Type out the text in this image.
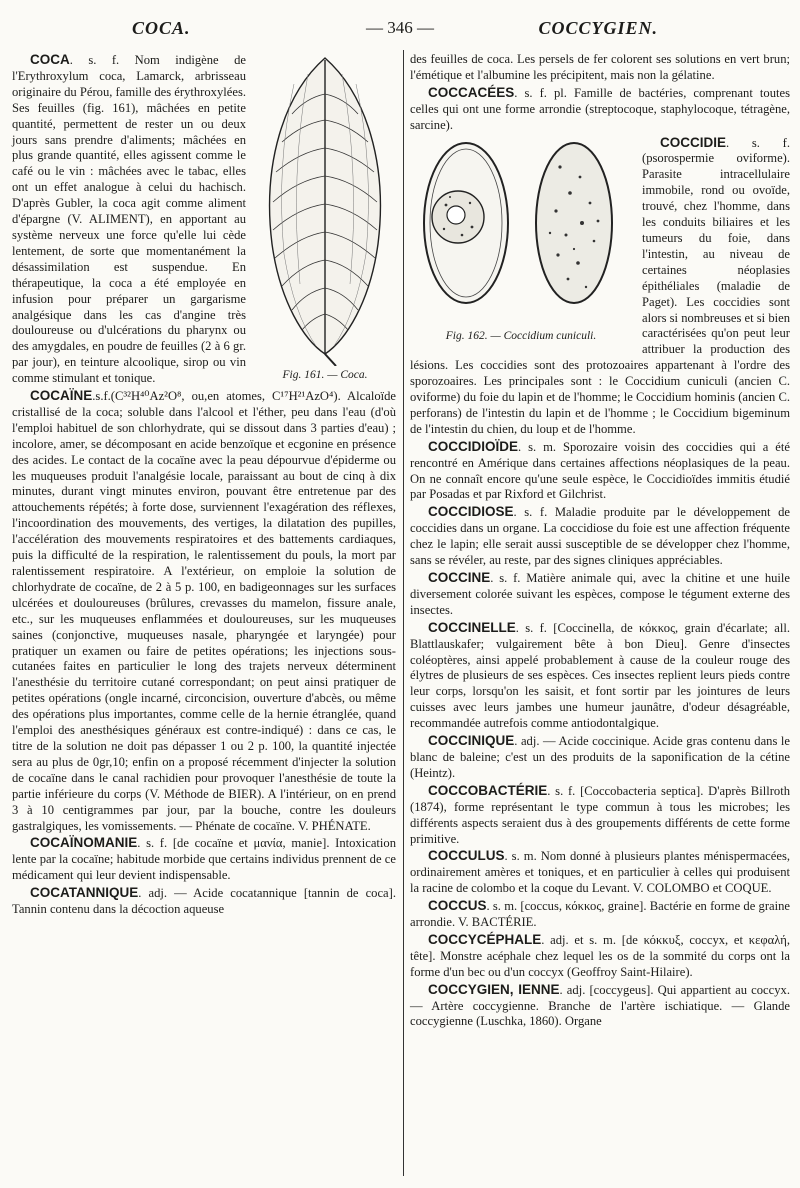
COCA.	— 346 —	COCCYGIEN.
Fig. 161. — Coca.

COCA. s. f. Nom indigène de l'Erythroxylum coca, Lamarck, arbrisseau originaire du Pérou, famille des érythroxylées. Ses feuilles (fig. 161), mâchées en petite quantité, permettent de rester un ou deux jours sans prendre d'aliments; mâchées en plus grande quantité, elles agissent comme le café ou le vin : mâchées avec le tabac, elles ont un effet analogue à celui du hachisch. D'après Gubler, la coca agit comme aliment d'épargne (V. ALIMENT), en apportant au système nerveux une force qu'elle lui cède lentement, de sorte que momentanément la désassimilation est suspendue. En thérapeutique, la coca a été employée en infusion pour préparer un gargarisme analgésique dans les cas d'angine très douloureuse ou d'ulcérations du pharynx ou des amygdales, en poudre de feuilles (2 à 6 gr. par jour), en teinture alcoolique, sirop ou vin comme stimulant et tonique.

COCAÏNE.s.f.(C³²H⁴⁰Az²O⁸, ou,en atomes, C¹⁷H²¹AzO⁴). Alcaloïde cristallisé de la coca; soluble dans l'alcool et l'éther, peu dans l'eau (d'où l'emploi habituel de son chlorhydrate, qui se dissout dans 3 parties d'eau) ; incolore, amer, se décomposant en acide benzoïque et ecgonine en présence des acides. Le contact de la cocaïne avec la peau dépourvue d'épiderme ou les muqueuses produit l'analgésie locale, paraissant au bout de cinq à dix minutes, durant vingt minutes environ, pouvant être entretenue par des attouchements répétés; à forte dose, surviennent l'exagération des réflexes, l'incoordination des mouvements, des vertiges, la dilatation des pupilles, l'accélération des mouvements respiratoires et des battements cardiaques, puis la difficulté de la respiration, le ralentissement du pouls, la mort par ralentissement respiratoire. A l'extérieur, on emploie la solution de chlorhydrate de cocaïne, de 2 à 5 p. 100, en badigeonnages sur les surfaces ulcérées et douloureuses (brûlures, crevasses du mamelon, fissure anale, etc., sur les muqueuses enflammées et douloureuses, sur les muqueuses saines (conjonctive, muqueuses nasale, pharyngée et laryngée) pour pratiquer un examen ou faire de petites opérations; les injections sous-cutanées faites en particulier le long des trajets nerveux déterminent l'anesthésie du territoire cutané correspondant; on peut ainsi pratiquer de petites opérations (ongle incarné, circoncision, ouverture d'abcès, ou même des opérations plus importantes, comme celle de la hernie étranglée, quand l'emploi des anesthésiques généraux est contre-indiqué) : dans ce cas, le titre de la solution ne doit pas dépasser 1 ou 2 p. 100, la quantité injectée sera au plus de 0gr,10; enfin on a proposé récemment d'injecter la solution de cocaïne dans le canal rachidien pour provoquer l'anesthésie de toute la partie inférieure du corps (V. Méthode de BIER). A l'intérieur, on en prend 3 à 10 centigrammes par jour, par la bouche, contre les douleurs gastralgiques, les vomissements. — Phénate de cocaïne. V. PHÉNATE.

COCAÏNOMANIE. s. f. [de cocaïne et μανία, manie]. Intoxication lente par la cocaïne; habitude morbide que certains individus prennent de ce médicament qui leur devient indispensable.

COCATANNIQUE. adj. — Acide cocatannique [tannin de coca]. Tannin contenu dans la décoction aqueuse

des feuilles de coca. Les persels de fer colorent ses solutions en vert brun; l'émétique et l'albumine les précipitent, mais non la gélatine.

COCCACÉES. s. f. pl. Famille de bactéries, comprenant toutes celles qui ont une forme arrondie (streptocoque, staphylocoque, tétragène, sarcine).

Fig. 162. — Coccidium cuniculi.

COCCIDIE. s. f. (psorospermie oviforme). Parasite intracellulaire immobile, rond ou ovoïde, trouvé, chez l'homme, dans les conduits biliaires et les tumeurs du foie, dans l'intestin, au niveau de certaines néoplasies épithéliales (maladie de Paget). Les coccidies sont alors si nombreuses et si bien caractérisées qu'on peut leur attribuer la production des lésions. Les coccidies sont des protozoaires appartenant à l'ordre des sporozoaires. Les principales sont : le Coccidium cuniculi (ancien C. oviforme) du foie du lapin et de l'homme; le Coccidium hominis (ancien C. perforans) de l'intestin du lapin et de l'homme ; le Coccidium bigeminum de l'intestin du chien, du loup et de l'homme.

COCCIDIOÏDE. s. m. Sporozaire voisin des coccidies qui a été rencontré en Amérique dans certaines affections néoplasiques de la peau. On ne connaît encore qu'une seule espèce, le Coccidioïdes immitis étudié par Posadas et par Rixford et Gilchrist.

COCCIDIOSE. s. f. Maladie produite par le développement de coccidies dans un organe. La coccidiose du foie est une affection fréquente chez le lapin; elle serait aussi susceptible de se développer chez l'homme, sans se révéler, au reste, par des signes cliniques appréciables.

COCCINE. s. f. Matière animale qui, avec la chitine et une huile diversement colorée suivant les espèces, compose le tégument externe des insectes.

COCCINELLE. s. f. [Coccinella, de κόκκος, grain d'écarlate; all. Blattlauskafer; vulgairement bête à bon Dieu]. Genre d'insectes coléoptères, ainsi appelé probablement à cause de la couleur rouge des élytres de plusieurs de ses espèces. Ces insectes replient leurs pieds contre leur corps, lorsqu'on les saisit, et font sortir par les jointures de leurs cuisses avec leurs jambes une humeur jaunâtre, d'odeur désagréable, recommandée autrefois comme antiodontalgique.

COCCINIQUE. adj. — Acide coccinique. Acide gras contenu dans le blanc de baleine; c'est un des produits de la saponification de la cétine (Heintz).

COCCOBACTÉRIE. s. f. [Coccobacteria septica]. D'après Billroth (1874), forme représentant le type commun à tous les microbes; les différents aspects seraient dus à des groupements différents de cette forme primitive.

COCCULUS. s. m. Nom donné à plusieurs plantes ménispermacées, ordinairement amères et toniques, et en particulier à celles qui produisent la racine de colombo et la coque du Levant. V. COLOMBO et COQUE.

COCCUS. s. m. [coccus, κόκκος, graine]. Bactérie en forme de graine arrondie. V. BACTÉRIE.

COCCYCÉPHALE. adj. et s. m. [de κόκκυξ, coccyx, et κεφαλή, tête]. Monstre acéphale chez lequel les os de la sommité du corps ont la forme d'un bec ou d'un coccyx (Geoffroy Saint-Hilaire).

COCCYGIEN, IENNE. adj. [coccygeus]. Qui appartient au coccyx. — Artère coccygienne. Branche de l'artère ischiatique. — Glande coccygienne (Luschka, 1860). Organe
